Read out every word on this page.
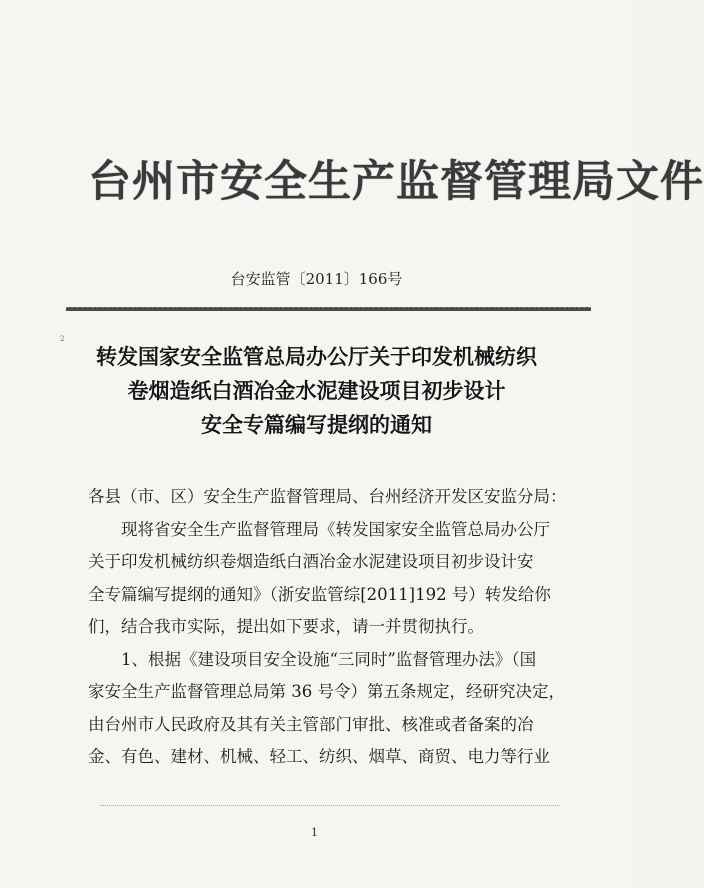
台州市安全生产监督管理局文件
台安监管〔2011〕166号
2
转发国家安全监管总局办公厅关于印发机械纺织
卷烟造纸白酒冶金水泥建设项目初步设计
安全专篇编写提纲的通知

各县（市、区）安全生产监督管理局、台州经济开发区安监分局：

现将省安全生产监督管理局《转发国家安全监管总局办公厅

关于印发机械纺织卷烟造纸白酒冶金水泥建设项目初步设计安

全专篇编写提纲的通知》（浙安监管综[2011]192 号）转发给你

们，结合我市实际，提出如下要求，请一并贯彻执行。

1、根据《建设项目安全设施“三同时”监督管理办法》（国

家安全生产监督管理总局第 36 号令）第五条规定，经研究决定，

由台州市人民政府及其有关主管部门审批、核准或者备案的冶

金、有色、建材、机械、轻工、纺织、烟草、商贸、电力等行业

1
